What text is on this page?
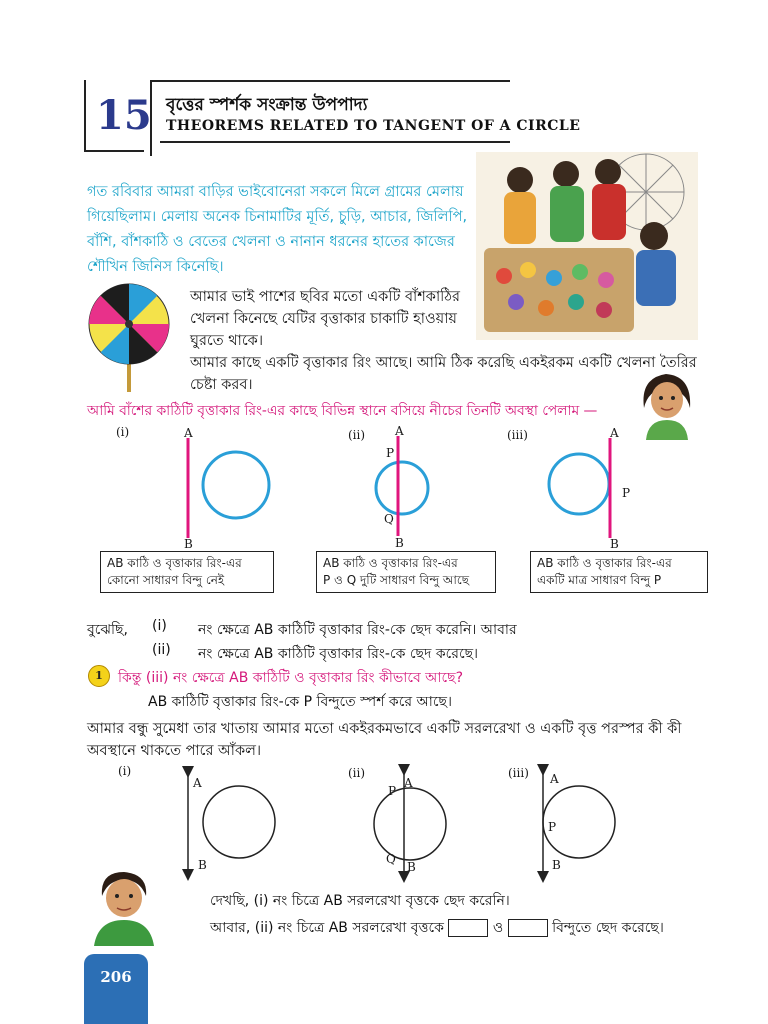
15 বৃত্তের স্পর্শক সংক্রান্ত উপপাদ্য
THEOREMS RELATED TO TANGENT OF A CIRCLE
গত রবিবার আমরা বাড়ির ভাইবোনেরা সকলে মিলে গ্রামের মেলায়
গিয়েছিলাম। মেলায় অনেক চিনামাটির মূর্তি, চুড়ি, আচার, জিলিপি,
বাঁশি, বাঁশকাঠি ও বেতের খেলনা ও নানান ধরনের হাতের কাজের
শৌখিন জিনিস কিনেছি।
আমার ভাই পাশের ছবির মতো একটি বাঁশকাঠির
খেলনা কিনেছে যেটির বৃত্তাকার চাকাটি হাওয়ায়
ঘুরতে থাকে।
আমার কাছে একটি বৃত্তাকার রিং আছে। আমি ঠিক করেছি একইরকম একটি খেলনা তৈরির
চেষ্টা করব।
আমি বাঁশের কাঠিটি বৃত্তাকার রিং-এর কাছে বিভিন্ন স্থানে বসিয়ে নীচের তিনটি অবস্থা পেলাম —
(i)	A
B
(ii) A
P
Q
B
(iii)	A
P
B
AB কাঠি ও বৃত্তাকার রিং-এর
কোনো সাধারণ বিন্দু নেই
AB কাঠি ও বৃত্তাকার রিং-এর
P ও Q দুটি সাধারণ বিন্দু আছে
AB কাঠি ও বৃত্তাকার রিং-এর
একটি মাত্র সাধারণ বিন্দু P
বুঝেছি, (i) নং ক্ষেত্রে AB কাঠিটি বৃত্তাকার রিং-কে ছেদ করেনি। আবার
(ii) নং ক্ষেত্রে AB কাঠিটি বৃত্তাকার রিং-কে ছেদ করেছে।
1	কিন্তু (iii) নং ক্ষেত্রে AB কাঠিটি ও বৃত্তাকার রিং কীভাবে আছে?
AB কাঠিটি বৃত্তাকার রিং-কে P বিন্দুতে স্পর্শ করে আছে।
আমার বন্ধু সুমেধা তার খাতায় আমার মতো একইরকমভাবে একটি সরলরেখা ও একটি বৃত্ত পরস্পর কী কী
অবস্থানে থাকতে পারে আঁকল।
(i)
A
B
(ii)
A
P
Q
B
(iii) A
P
B
দেখছি, (i) নং চিত্রে AB সরলরেখা বৃত্তকে ছেদ করেনি।
আবার, (ii) নং চিত্রে AB সরলরেখা বৃত্তকে	ও	বিন্দুতে ছেদ করেছে।
206
